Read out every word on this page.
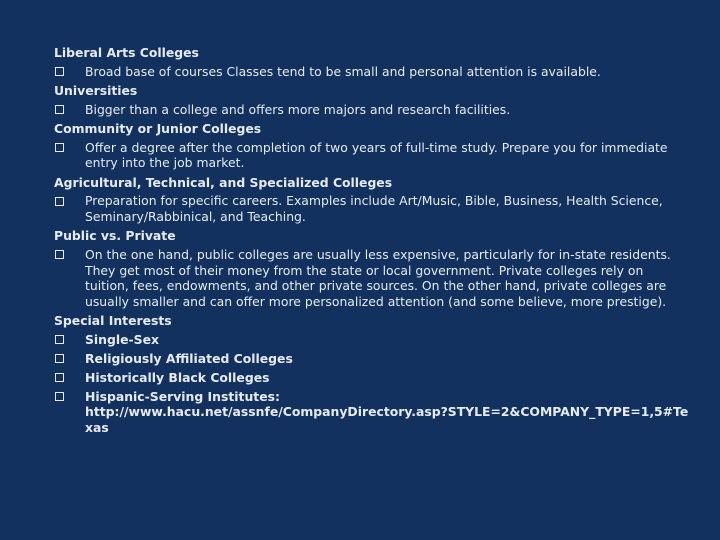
Liberal Arts Colleges
Broad base of courses Classes tend to be small and personal attention is available.
Universities
Bigger than a college and offers more majors and research facilities.
Community or Junior Colleges
Offer a degree after the completion of two years of full-time study. Prepare you for immediate entry into the job market.
Agricultural, Technical, and Specialized Colleges
Preparation for specific careers. Examples include Art/Music, Bible, Business, Health Science, Seminary/Rabbinical, and Teaching.
Public vs. Private
On the one hand, public colleges are usually less expensive, particularly for in-state residents. They get most of their money from the state or local government. Private colleges rely on tuition, fees, endowments, and other private sources. On the other hand, private colleges are usually smaller and can offer more personalized attention (and some believe, more prestige).
Special Interests
Single-Sex
Religiously Affiliated Colleges
Historically Black Colleges
Hispanic-Serving Institutes:
http://www.hacu.net/assnfe/CompanyDirectory.asp?STYLE=2&COMPANY_TYPE=1,5#Te
xas
